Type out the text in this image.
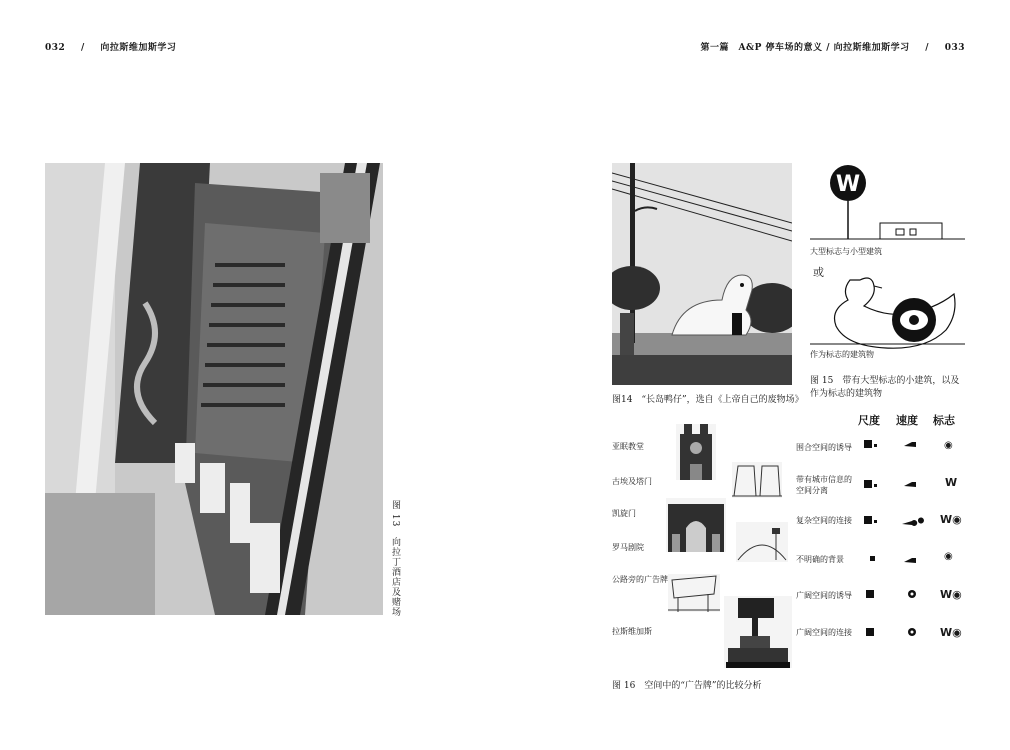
032 / 向拉斯维加斯学习	第一篇　A&P 停车场的意义 / 向拉斯维加斯学习 / 033
图 13　向拉丁酒店及赌场
图14　“长岛鸭仔”，选自《上帝自己的废物场》
W
大型标志与小型建筑
或
作为标志的建筑物
图 15　带有大型标志的小建筑，以及
作为标志的建筑物
尺度 速度 标志
亚眠教堂
古埃及塔门
凯旋门
罗马剧院
公路旁的广告牌
拉斯维加斯
围合空间的诱导
带有城市信息的空间分离
复杂空间的连接
不明确的背景
广阔空间的诱导
广阔空间的连接
◉
W
W◉
◉
W◉
W◉
图 16　空间中的“广告牌”的比较分析
